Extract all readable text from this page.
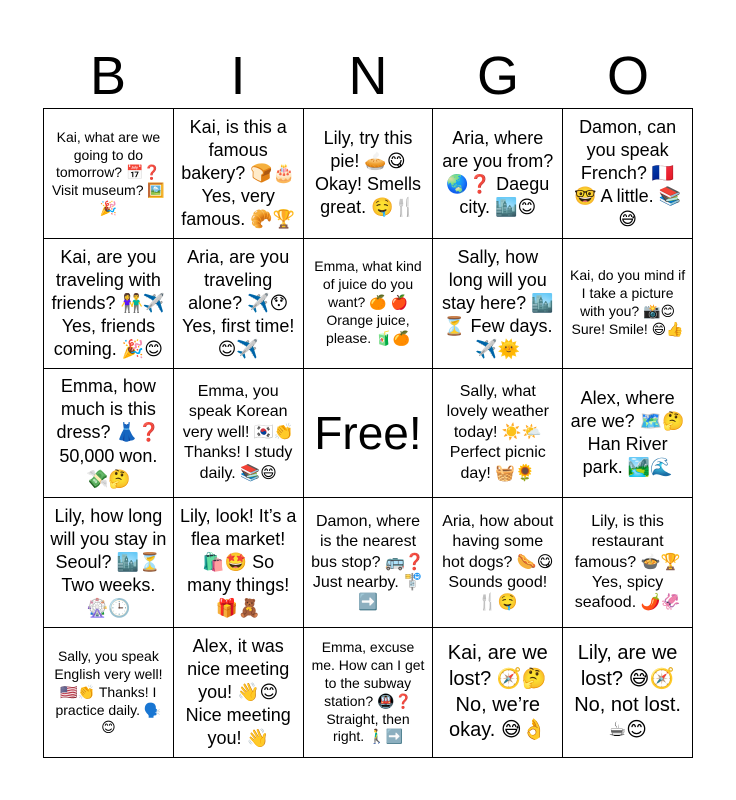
B	I	N	G	O
Kai, what are we going to do tomorrow? 📅❓ Visit museum? 🖼️🎉
Kai, is this a famous bakery? 🍞🎂 Yes, very famous. 🥐🏆
Lily, try this pie! 🥧😋 Okay! Smells great. 🤤🍴
Aria, where are you from? 🌏❓ Daegu city. 🏙️😊
Damon, can you speak French? 🇫🇷 🤓 A little. 📚😅
Kai, are you traveling with friends? 👫✈️ Yes, friends coming. 🎉😊
Aria, are you traveling alone? ✈️😯 Yes, first time! 😊✈️
Emma, what kind of juice do you want? 🍊 🍎 Orange juice, please. 🧃🍊
Sally, how long will you stay here? 🏙️⏳ Few days. ✈️🌞
Kai, do you mind if I take a picture with you? 📸😊 Sure! Smile! 😄👍
Emma, how much is this dress? 👗❓ 50,000 won. 💸🤔
Emma, you speak Korean very well! 🇰🇷👏 Thanks! I study daily. 📚😄
Free!
Sally, what lovely weather today! ☀️🌤️ Perfect picnic day! 🧺🌻
Alex, where are we? 🗺️🤔 Han River park. 🏞️🌊
Lily, how long will you stay in Seoul? 🏙️⏳ Two weeks. 🎡🕒
Lily, look! It’s a flea market! 🛍️🤩 So many things! 🎁🧸
Damon, where is the nearest bus stop? 🚌❓ Just nearby. 🚏➡️
Aria, how about having some hot dogs? 🌭😋 Sounds good! 🍴🤤
Lily, is this restaurant famous? 🍲🏆 Yes, spicy seafood. 🌶️🦑
Sally, you speak English very well! 🇺🇸👏 Thanks! I practice daily. 🗣️😊
Alex, it was nice meeting you! 👋😊 Nice meeting you! 👋
Emma, excuse me. How can I get to the subway station? 🚇❓ Straight, then right. 🚶‍♂️➡️
Kai, are we lost? 🧭🤔 No, we’re okay. 😅👌
Lily, are we lost? 😅🧭 No, not lost. ☕😊
